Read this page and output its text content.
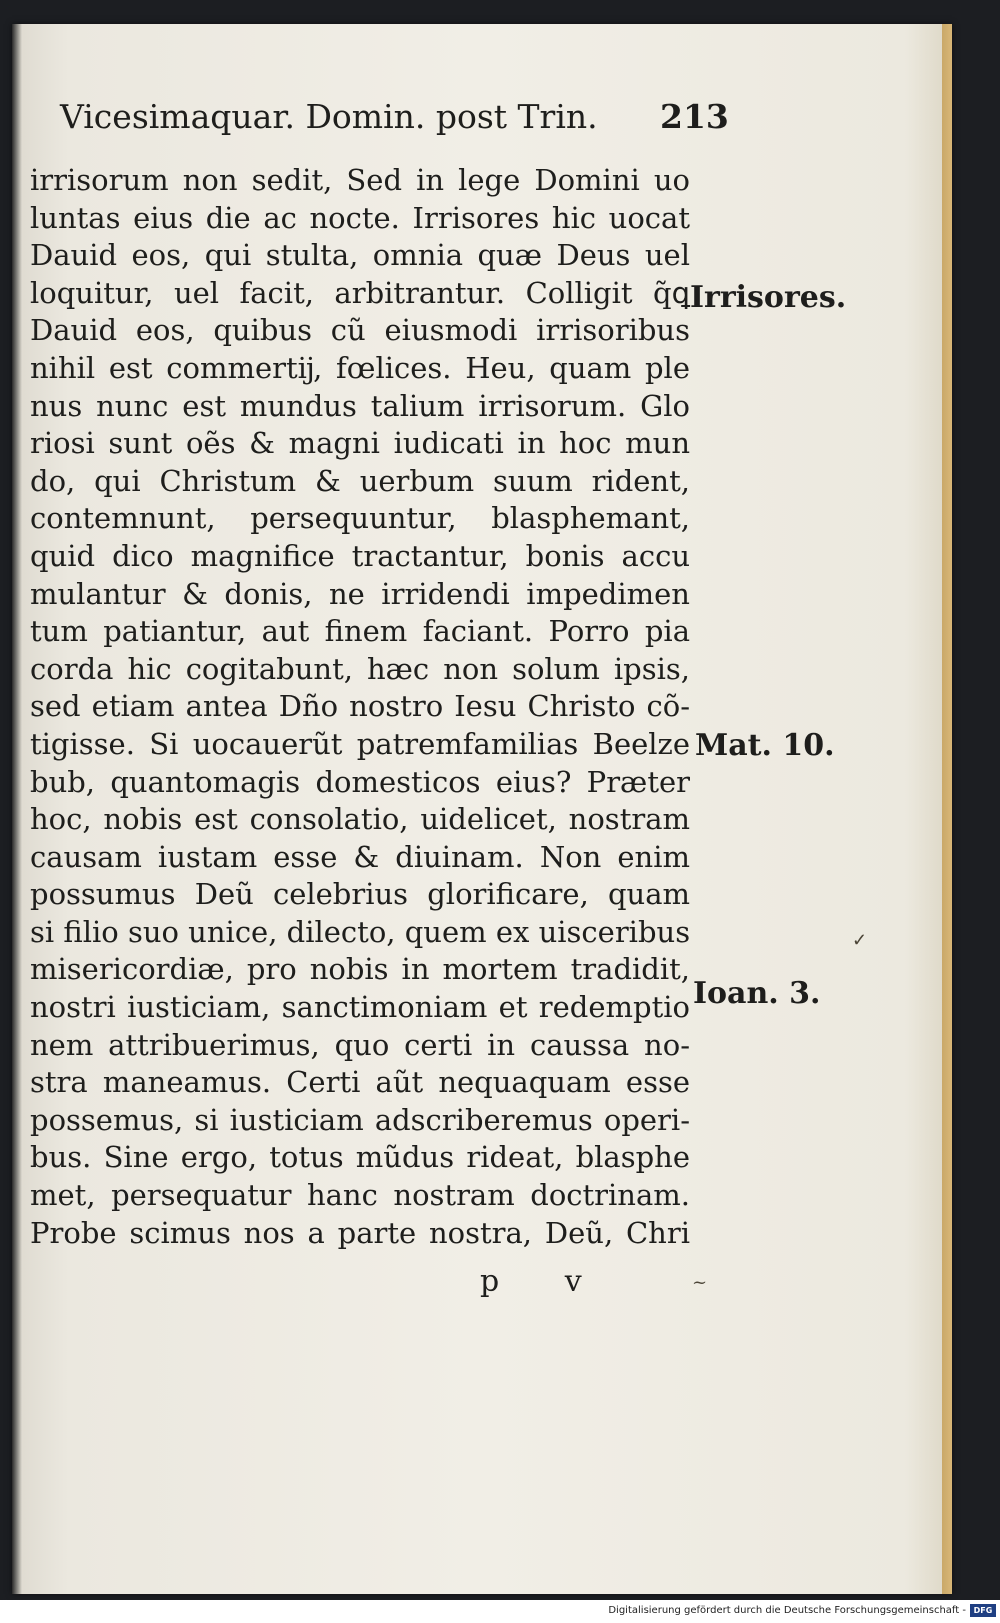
Vicesimaquar. Domin. post Trin. 213
irrisorum non sedit, Sed in lege Domini uo
luntas eius die ac nocte. Irrisores hic uocat
Dauid eos, qui stulta, omnia quæ Deus uel
loquitur, uel facit, arbitrantur. Colligit q̃ꝗ
Dauid eos, quibus cũ eiusmodi irrisoribus
nihil est commertĳ, fœlices. Heu, quam ple
nus nunc est mundus talium irrisorum. Glo
riosi sunt oẽs & magni iudicati in hoc mun
do, qui Christum & uerbum suum rident,
contemnunt, persequuntur, blasphemant,
quid dico magnifice tractantur, bonis accu
mulantur & donis, ne irridendi impedimen
tum patiantur, aut finem faciant. Porro pia
corda hic cogitabunt, hæc non solum ipsis,
sed etiam antea Dño nostro Iesu Christo cõ-
tigisse. Si uocauerũt patremfamilias Beelze
bub, quantomagis domesticos eius? Præter
hoc, nobis est consolatio, uidelicet, nostram
causam iustam esse & diuinam. Non enim
possumus Deũ celebrius glorificare, quam
si filio suo unice, dilecto, quem ex uisceribus
misericordiæ, pro nobis in mortem tradidit,
nostri iusticiam, sanctimoniam et redemptio
nem attribuerimus, quo certi in caussa no-
stra maneamus. Certi aũt nequaquam esse
possemus, si iusticiam adscriberemus operi-
bus. Sine ergo, totus mũdus rideat, blasphe
met, persequatur hanc nostram doctrinam.
Probe scimus nos a parte nostra, Deũ, Chri
Irrisores.
Mat. 10.
Ioan. 3.
p v
✓
~
Digitalisierung gefördert durch die Deutsche Forschungsgemeinschaft - DFG
